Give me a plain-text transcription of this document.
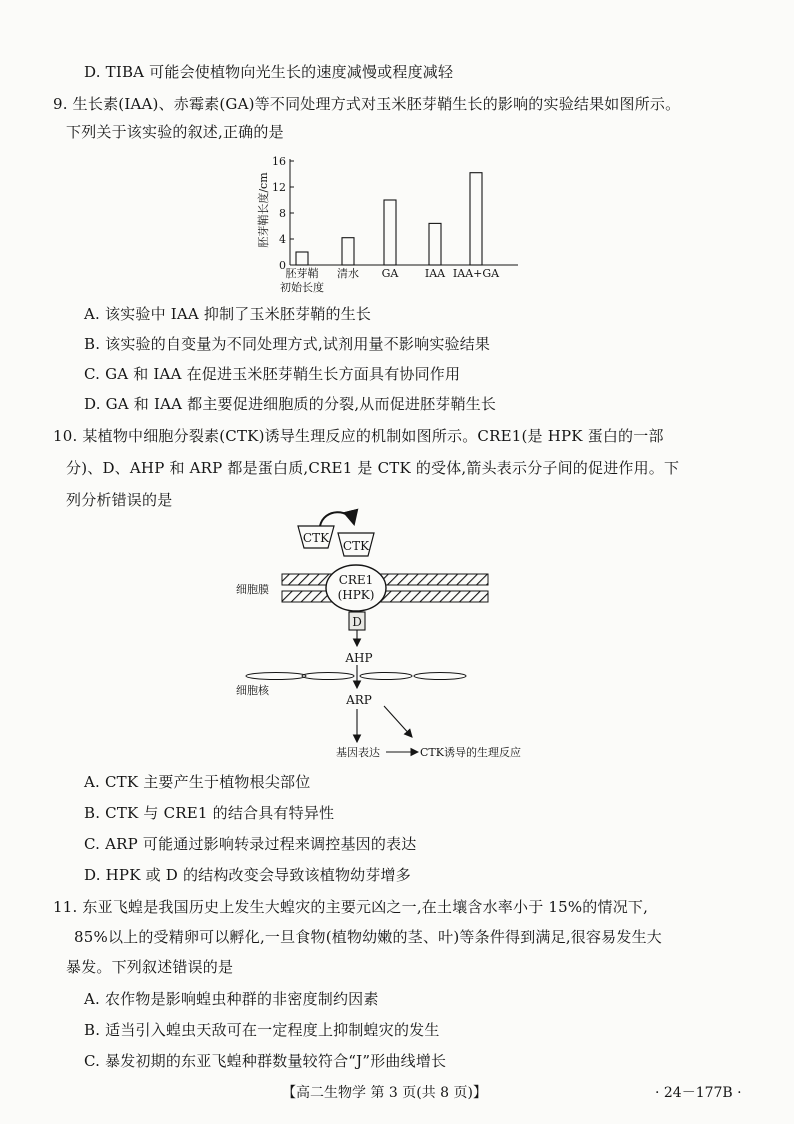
D. TIBA 可能会使植物向光生长的速度减慢或程度减轻
9. 生长素(IAA)、赤霉素(GA)等不同处理方式对玉米胚芽鞘生长的影响的实验结果如图所示。
下列关于该实验的叙述,正确的是
胚芽鞘长度/cm
0
4
8
12
16
胚芽鞘
初始长度
清水 GA IAA IAA+GA
A. 该实验中 IAA 抑制了玉米胚芽鞘的生长
B. 该实验的自变量为不同处理方式,试剂用量不影响实验结果
C. GA 和 IAA 在促进玉米胚芽鞘生长方面具有协同作用
D. GA 和 IAA 都主要促进细胞质的分裂,从而促进胚芽鞘生长
10. 某植物中细胞分裂素(CTK)诱导生理反应的机制如图所示。CRE1(是 HPK 蛋白的一部
分)、D、AHP 和 ARP 都是蛋白质,CRE1 是 CTK 的受体,箭头表示分子间的促进作用。下
列分析错误的是
CTK
CTK
细胞膜
CRE1
(HPK)
D
AHP
细胞核
ARP
基因表达	CTK诱导的生理反应
A. CTK 主要产生于植物根尖部位
B. CTK 与 CRE1 的结合具有特异性
C. ARP 可能通过影响转录过程来调控基因的表达
D. HPK 或 D 的结构改变会导致该植物幼芽增多
11. 东亚飞蝗是我国历史上发生大蝗灾的主要元凶之一,在土壤含水率小于 15%的情况下,
85%以上的受精卵可以孵化,一旦食物(植物幼嫩的茎、叶)等条件得到满足,很容易发生大
暴发。下列叙述错误的是
A. 农作物是影响蝗虫种群的非密度制约因素
B. 适当引入蝗虫天敌可在一定程度上抑制蝗灾的发生
C. 暴发初期的东亚飞蝗种群数量较符合“J”形曲线增长
【高二生物学 第 3 页(共 8 页)】	· 24－177B ·
